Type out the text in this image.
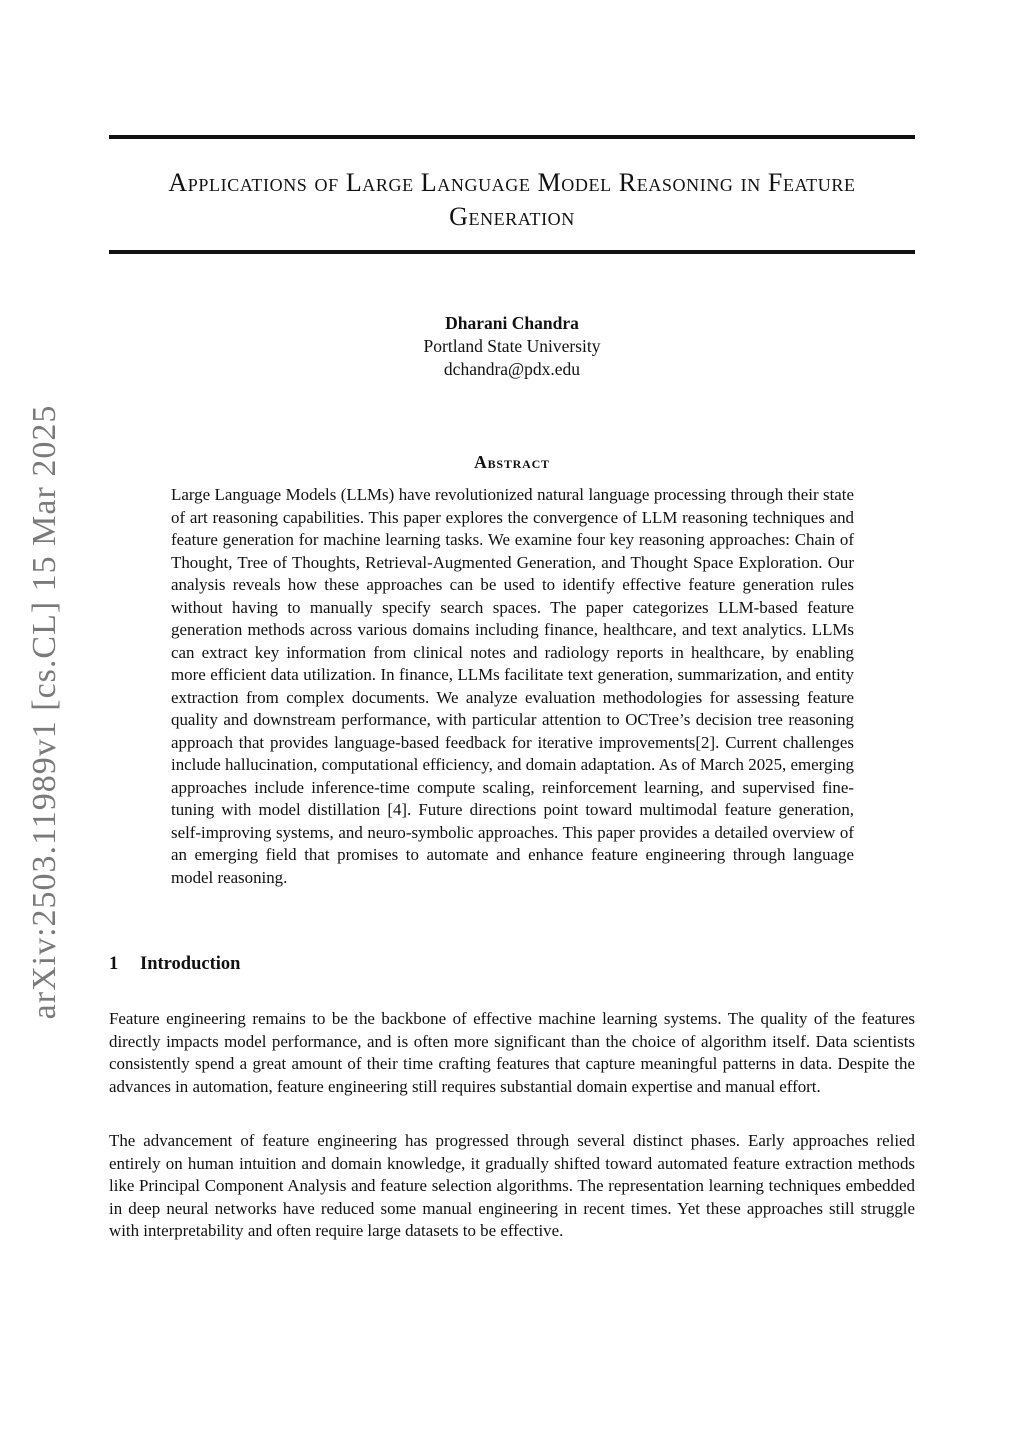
Applications of Large Language Model Reasoning in Feature Generation
Dharani Chandra
Portland State University
dchandra@pdx.edu
arXiv:2503.11989v1 [cs.CL] 15 Mar 2025	Abstract

Large Language Models (LLMs) have revolutionized natural language processing through their state of art reasoning capabilities. This paper explores the convergence of LLM reasoning techniques and feature generation for machine learning tasks. We examine four key reasoning approaches: Chain of Thought, Tree of Thoughts, Retrieval-Augmented Generation, and Thought Space Exploration. Our analysis reveals how these approaches can be used to identify effective feature generation rules without having to manually specify search spaces. The paper categorizes LLM-based feature generation methods across various domains including finance, healthcare, and text analytics. LLMs can extract key information from clinical notes and radiology reports in healthcare, by enabling more efficient data utilization. In finance, LLMs facilitate text generation, summarization, and entity extraction from complex documents. We analyze evaluation methodologies for assessing feature quality and downstream performance, with particular attention to OCTree’s decision tree reasoning approach that provides language-based feedback for iterative improvements[2]. Current challenges include hallucination, computational efficiency, and domain adaptation. As of March 2025, emerging approaches include inference-time compute scaling, reinforcement learning, and supervised fine-tuning with model distillation [4]. Future directions point toward multimodal feature generation, self-improving systems, and neuro-symbolic approaches. This paper provides a detailed overview of an emerging field that promises to automate and enhance feature engineering through language model reasoning.

1 Introduction

Feature engineering remains to be the backbone of effective machine learning systems. The quality of the features directly impacts model performance, and is often more significant than the choice of algorithm itself. Data scientists consistently spend a great amount of their time crafting features that capture meaningful patterns in data. Despite the advances in automation, feature engineering still requires substantial domain expertise and manual effort.

The advancement of feature engineering has progressed through several distinct phases. Early approaches relied entirely on human intuition and domain knowledge, it gradually shifted toward automated feature extraction methods like Principal Component Analysis and feature selection algorithms. The representation learning techniques embedded in deep neural networks have reduced some manual engineering in recent times. Yet these approaches still struggle with interpretability and often require large datasets to be effective.
